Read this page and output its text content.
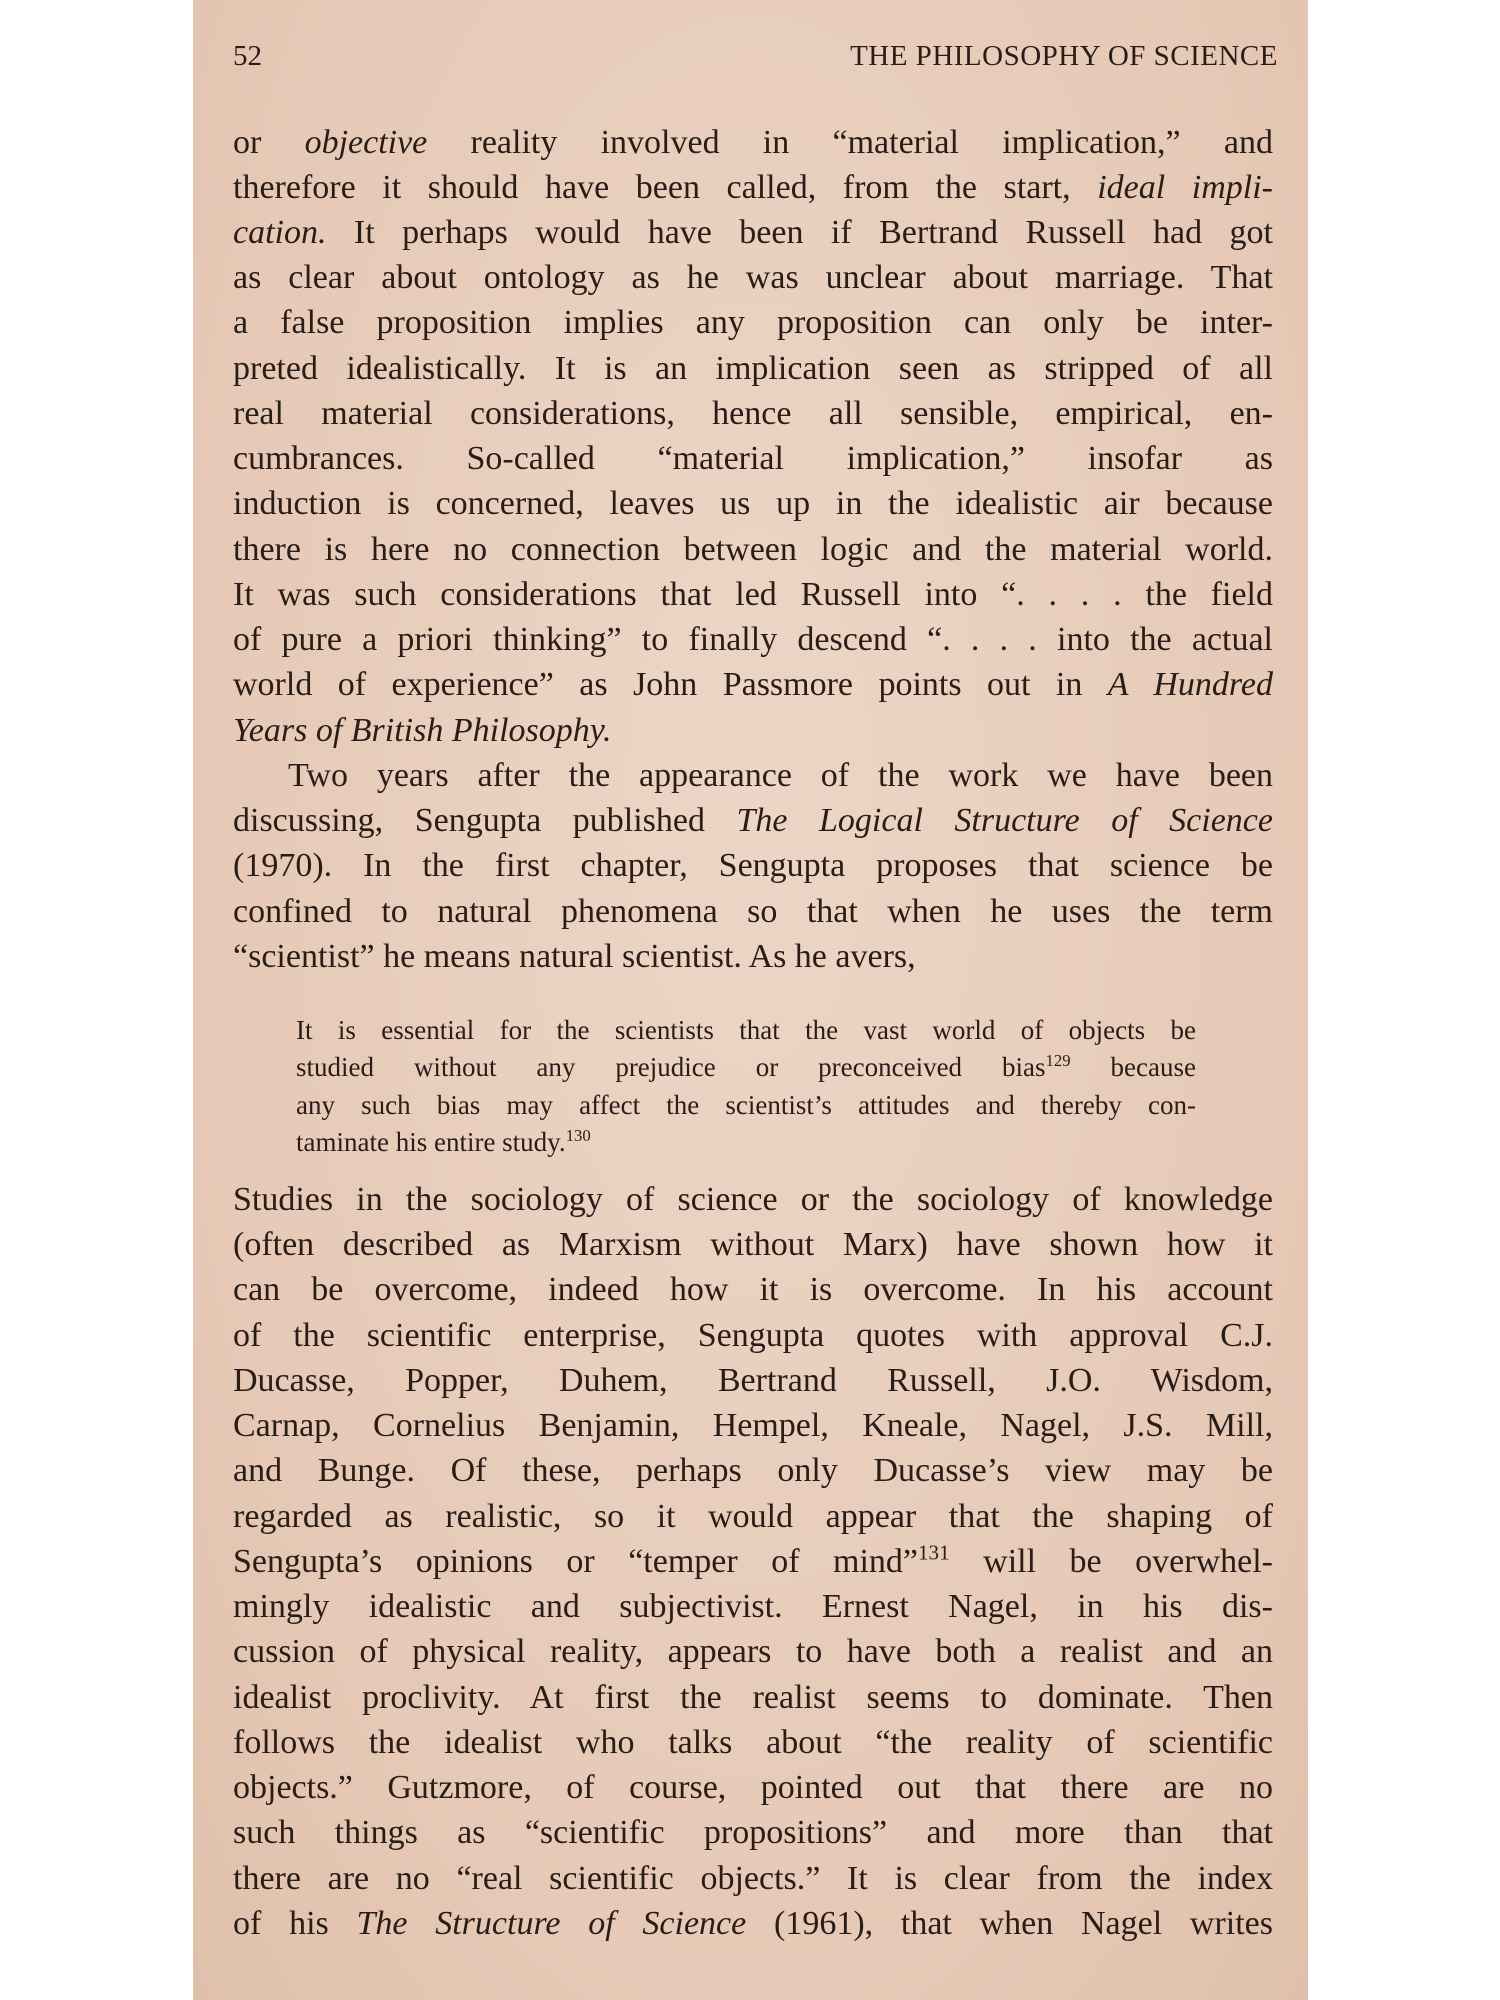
52	THE PHILOSOPHY OF SCIENCE
or objective reality involved in “material implication,” and
therefore it should have been called, from the start, ideal impli-
cation. It perhaps would have been if Bertrand Russell had got
as clear about ontology as he was unclear about marriage. That
a false proposition implies any proposition can only be inter-
preted idealistically. It is an implication seen as stripped of all
real material considerations, hence all sensible, empirical, en-
cumbrances. So-called “material implication,” insofar as
induction is concerned, leaves us up in the idealistic air because
there is here no connection between logic and the material world.
It was such considerations that led Russell into “. . . . the field
of pure a priori thinking” to finally descend “. . . . into the actual
world of experience” as John Passmore points out in A Hundred
Years of British Philosophy.
Two years after the appearance of the work we have been
discussing, Sengupta published The Logical Structure of Science
(1970). In the first chapter, Sengupta proposes that science be
confined to natural phenomena so that when he uses the term
“scientist” he means natural scientist. As he avers,
It is essential for the scientists that the vast world of objects be
studied without any prejudice or preconceived bias$^{129}$ because
any such bias may affect the scientist’s attitudes and thereby con-
taminate his entire study.$^{130}$
Studies in the sociology of science or the sociology of knowledge
(often described as Marxism without Marx) have shown how it
can be overcome, indeed how it is overcome. In his account
of the scientific enterprise, Sengupta quotes with approval C.J.
Ducasse, Popper, Duhem, Bertrand Russell, J.O. Wisdom,
Carnap, Cornelius Benjamin, Hempel, Kneale, Nagel, J.S. Mill,
and Bunge. Of these, perhaps only Ducasse’s view may be
regarded as realistic, so it would appear that the shaping of
Sengupta’s opinions or “temper of mind”$^{131}$ will be overwhel-
mingly idealistic and subjectivist. Ernest Nagel, in his dis-
cussion of physical reality, appears to have both a realist and an
idealist proclivity. At first the realist seems to dominate. Then
follows the idealist who talks about “the reality of scientific
objects.” Gutzmore, of course, pointed out that there are no
such things as “scientific propositions” and more than that
there are no “real scientific objects.” It is clear from the index
of his The Structure of Science (1961), that when Nagel writes
